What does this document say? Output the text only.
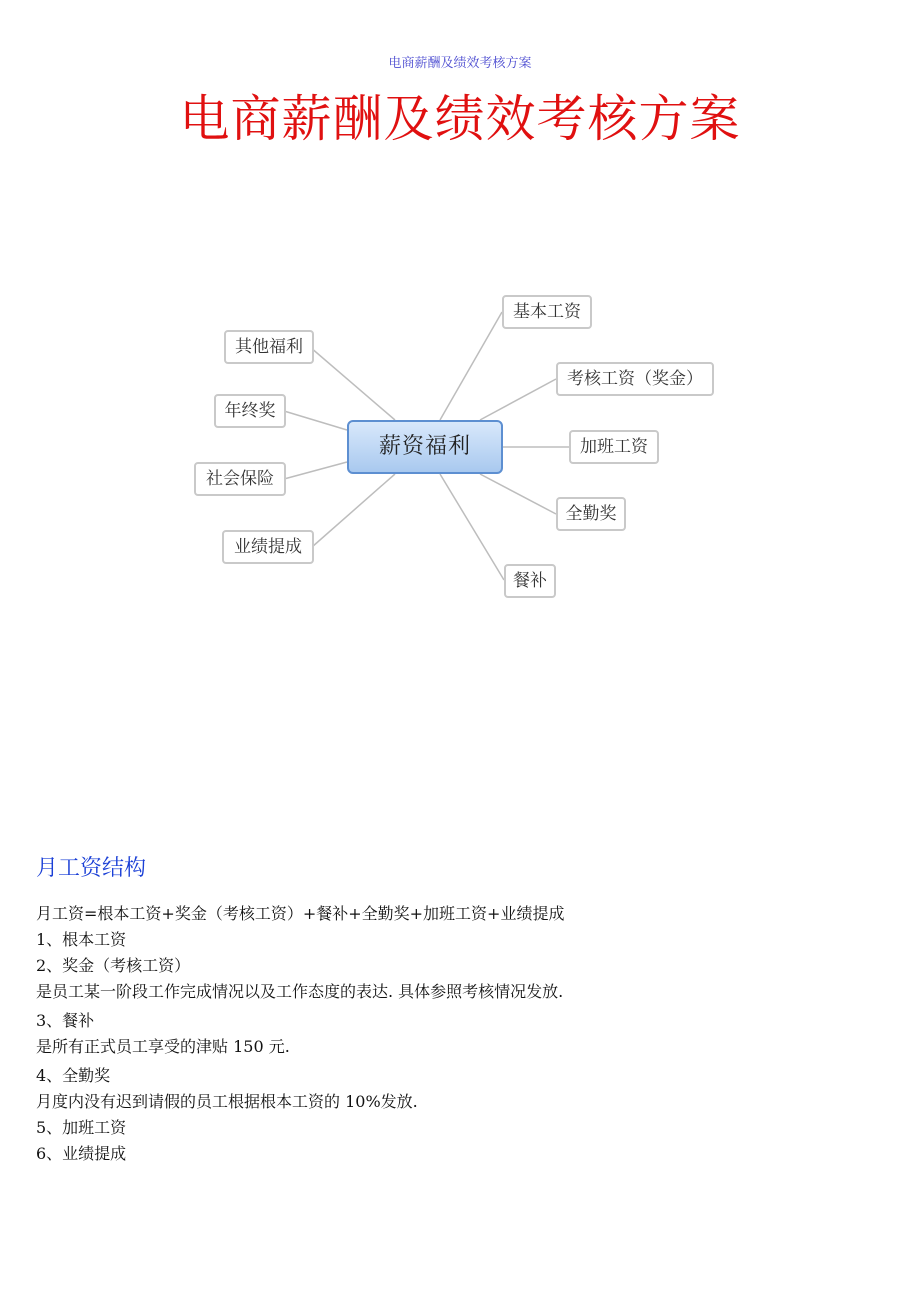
电商薪酬及绩效考核方案
电商薪酬及绩效考核方案
其他福利
年终奖
社会保险
业绩提成
基本工资
考核工资（奖金）
加班工资
全勤奖
餐补
薪资福利
月工资结构
月工资=根本工资+奖金（考核工资）+餐补+全勤奖+加班工资+业绩提成
1、根本工资
2、奖金（考核工资）
是员工某一阶段工作完成情况以及工作态度的表达. 具体参照考核情况发放.
3、餐补
是所有正式员工享受的津贴 150 元.
4、全勤奖
月度内没有迟到请假的员工根据根本工资的 10%发放.
5、加班工资
6、业绩提成
